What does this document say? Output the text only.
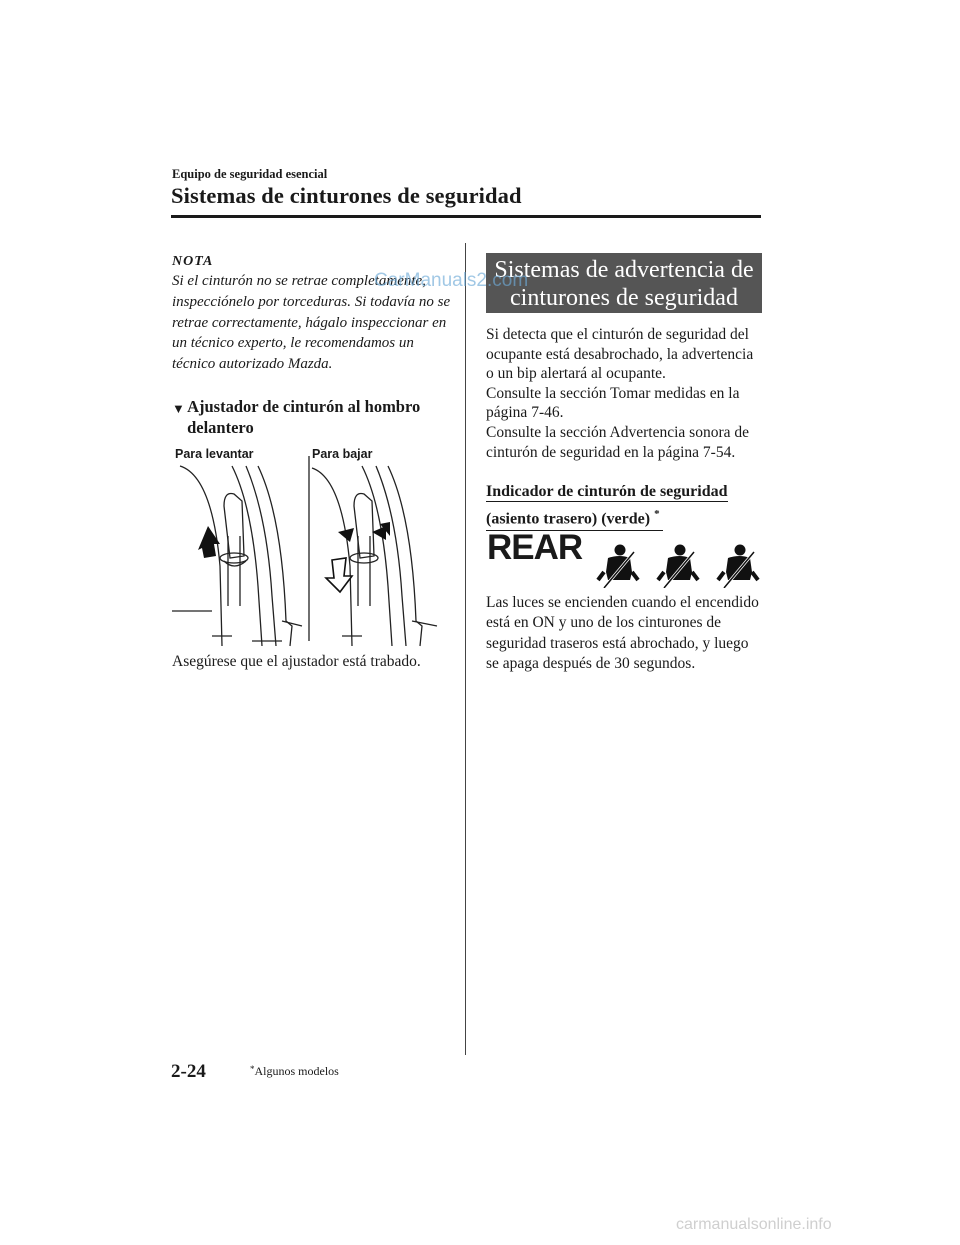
Equipo de seguridad esencial
Sistemas de cinturones de seguridad
NOTA
Si el cinturón no se retrae completamente, inspecciónelo por torceduras. Si todavía no se retrae correctamente, hágalo inspeccionar en un técnico experto, le recomendamos un técnico autorizado Mazda.
▼ Ajustador de cinturón al hombro delantero
Para levantar	Para bajar
Asegúrese que el ajustador está trabado.
Sistemas de advertencia de
cinturones de seguridad

Si detecta que el cinturón de seguridad del ocupante está desabrochado, la advertencia o un bip alertará al ocupante.

Consulte la sección Tomar medidas en la página 7-46.

Consulte la sección Advertencia sonora de cinturón de seguridad en la página 7-54.

Indicador de cinturón de seguridad
(asiento trasero) (verde) *
REAR
Las luces se encienden cuando el encendido está en ON y uno de los cinturones de seguridad traseros está abrochado, y luego se apaga después de 30 segundos.
2-24	*Algunos modelos
CarManuals2.com
carmanualsonline.info
